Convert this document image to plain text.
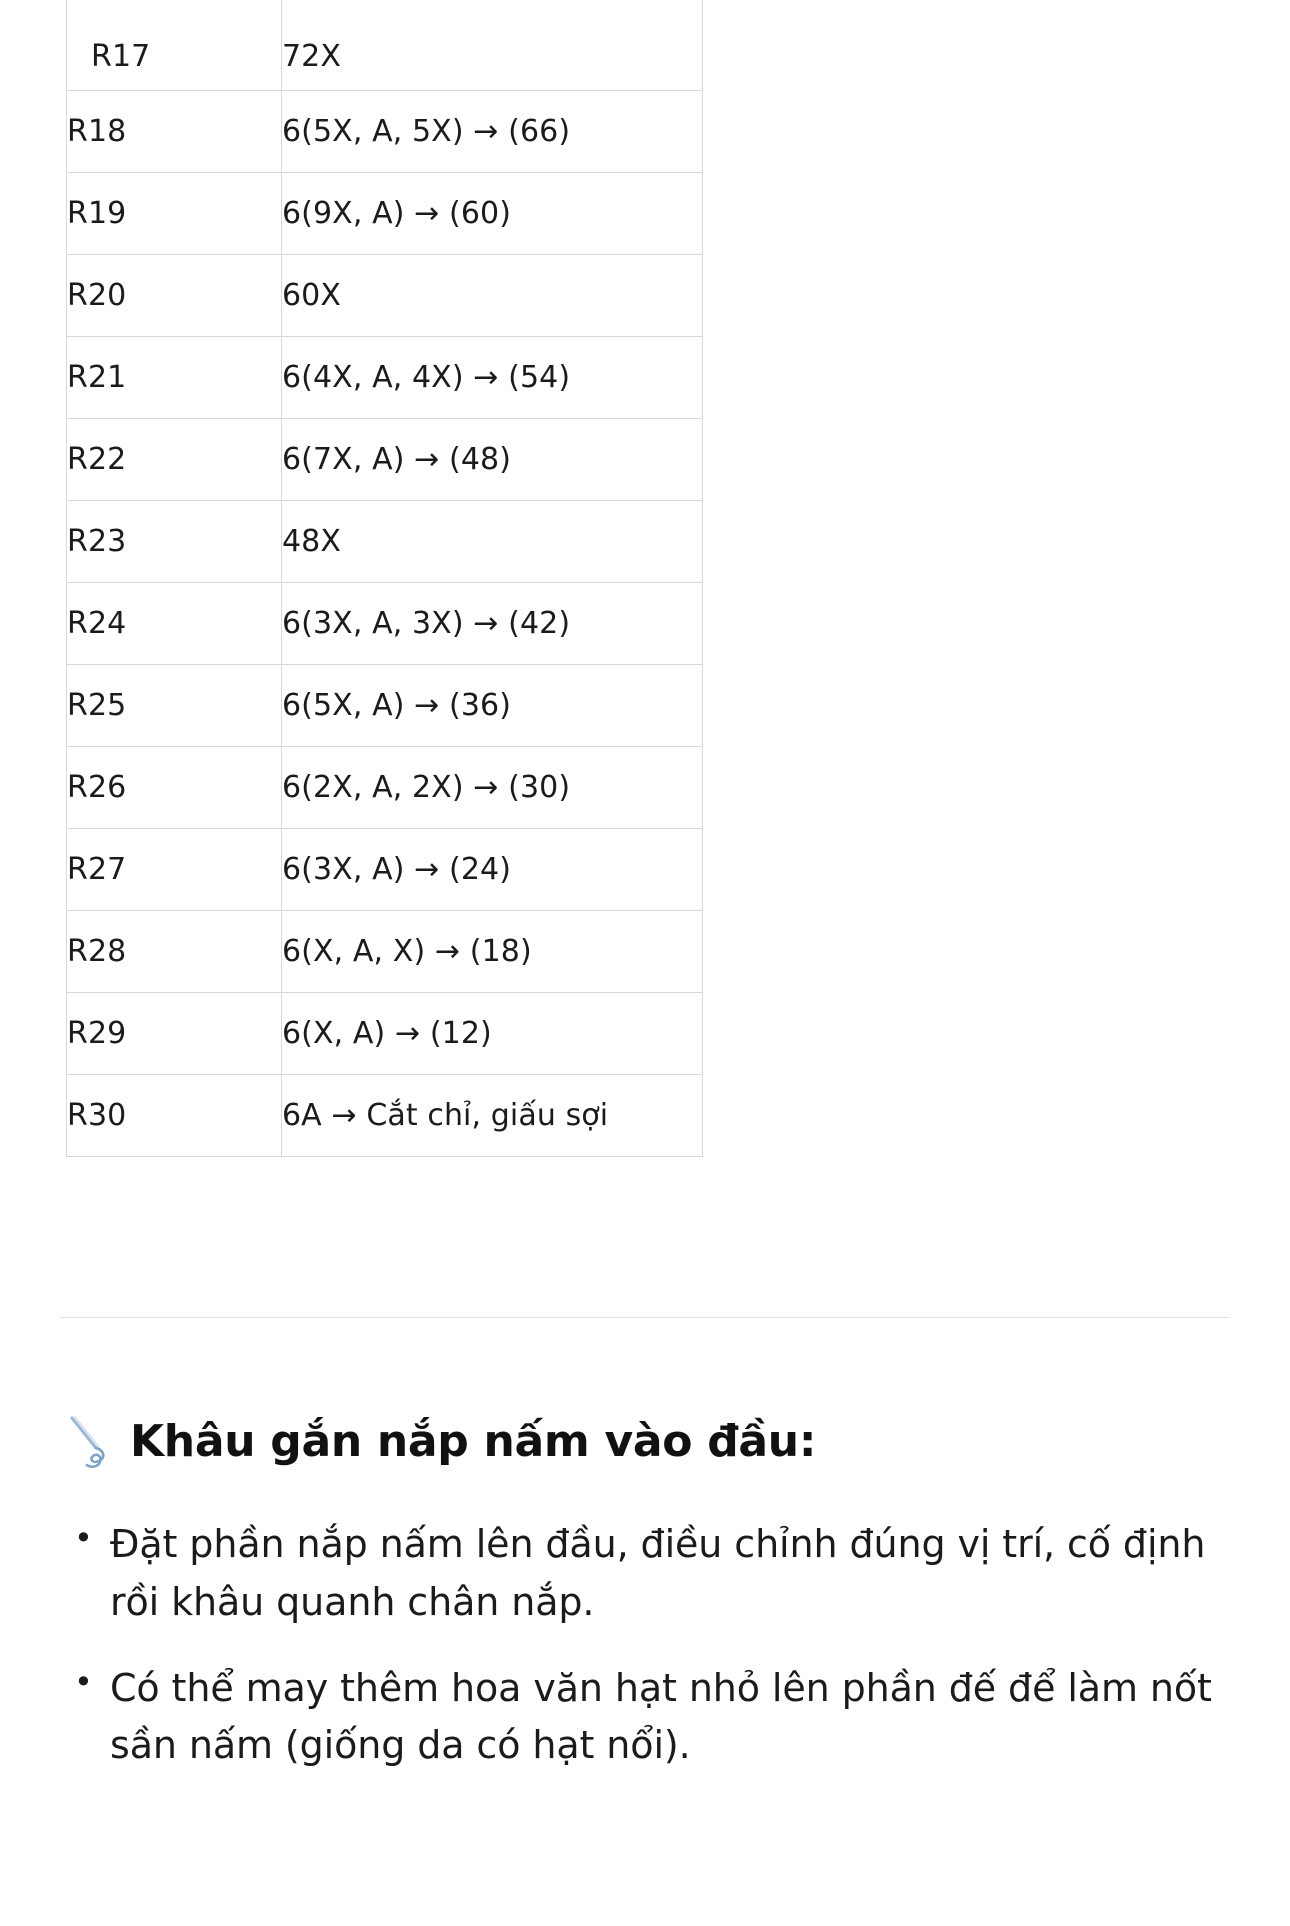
R17	72X
R18	6(5X, A, 5X) → (66)
R19	6(9X, A) → (60)
R20	60X
R21	6(4X, A, 4X) → (54)
R22	6(7X, A) → (48)
R23	48X
R24	6(3X, A, 3X) → (42)
R25	6(5X, A) → (36)
R26	6(2X, A, 2X) → (30)
R27	6(3X, A) → (24)
R28	6(X, A, X) → (18)
R29	6(X, A) → (12)
R30	6A → Cắt chỉ, giấu sợi
Khâu gắn nắp nấm vào đầu:
• Đặt phần nắp nấm lên đầu, điều chỉnh đúng vị trí, cố định rồi khâu quanh chân nắp.
• Có thể may thêm hoa văn hạt nhỏ lên phần đế để làm nốt sần nấm (giống da có hạt nổi).
